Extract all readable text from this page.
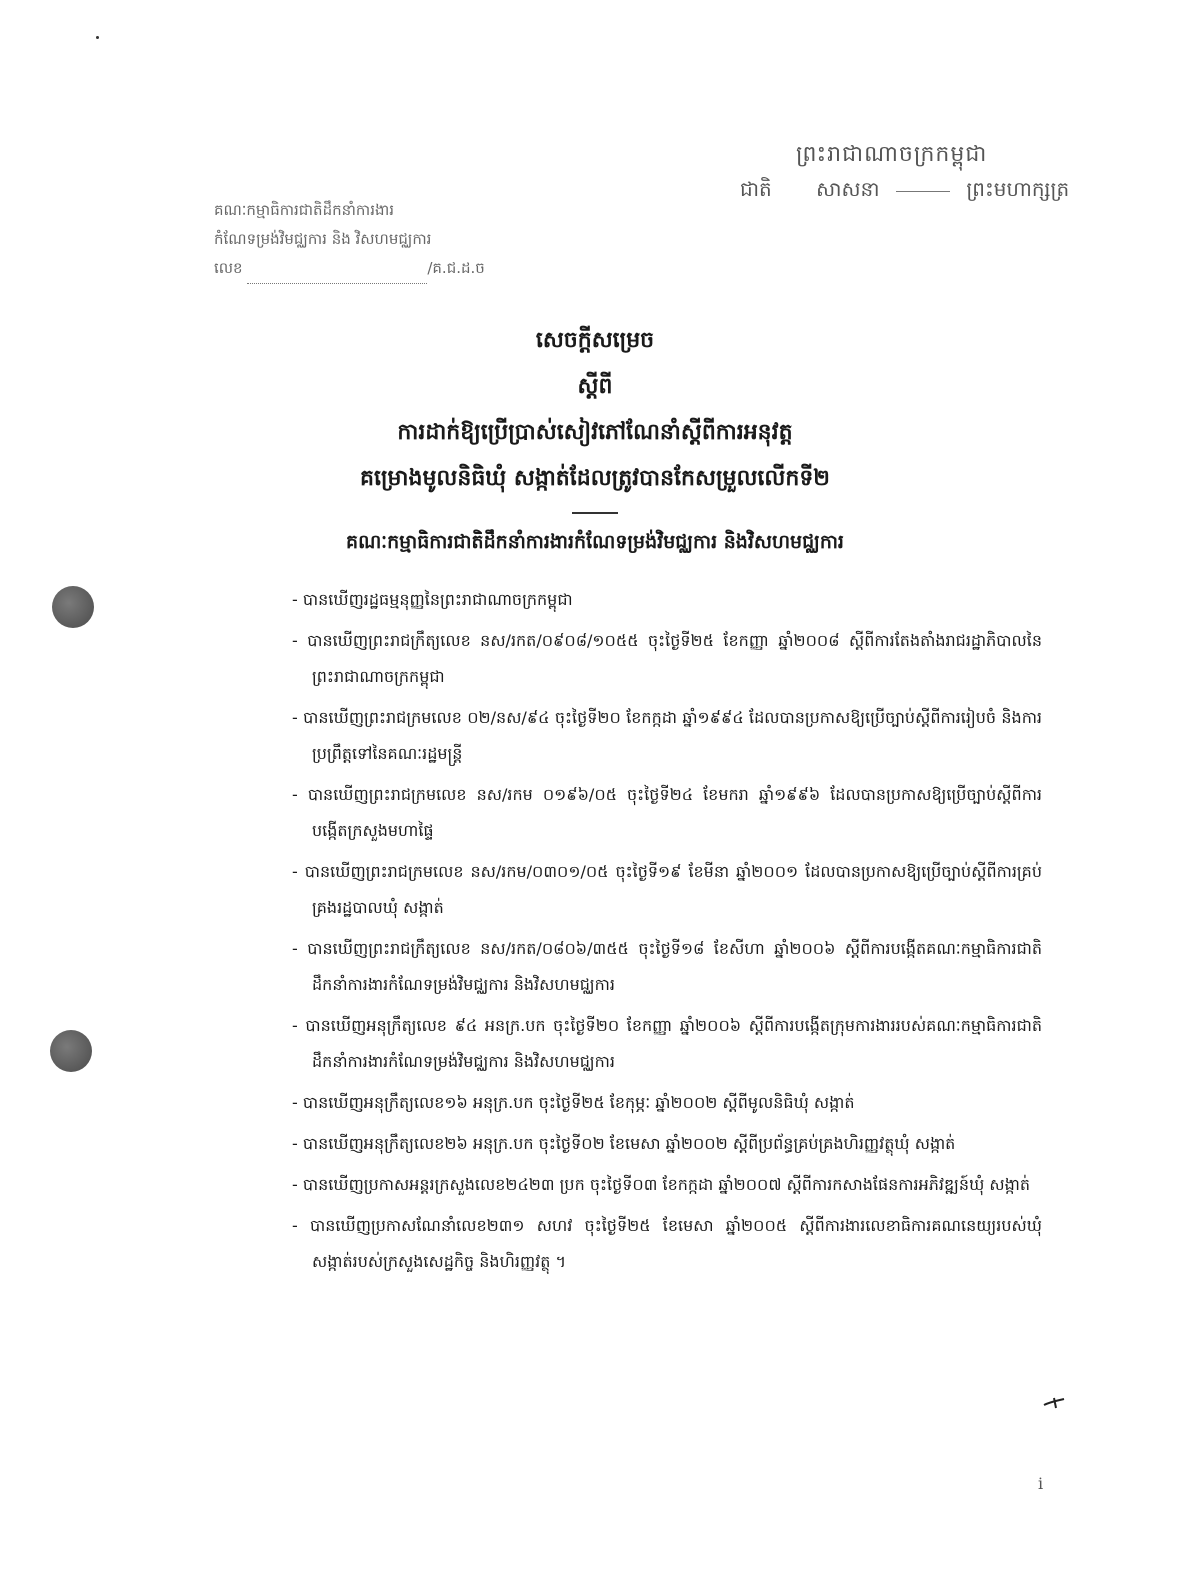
ព្រះរាជាណាចក្រកម្ពុជា
ជាតិ សាសនា	ព្រះមហាក្សត្រ
គណៈកម្មាធិការជាតិដឹកនាំការងារ
កំណែទម្រង់វិមជ្ឈការ និង វិសហមជ្ឈការ
លេខ	/គ.ជ.ដ.ច
សេចក្ដីសម្រេច
ស្ដីពី
ការដាក់ឱ្យប្រើប្រាស់សៀវភៅណែនាំស្ដីពីការអនុវត្ត
គម្រោងមូលនិធិឃុំ សង្កាត់ដែលត្រូវបានកែសម្រួលលើកទី២
គណៈកម្មាធិការជាតិដឹកនាំការងារកំណែទម្រង់វិមជ្ឈការ និងវិសហមជ្ឈការ
- បានឃើញរដ្ឋធម្មនុញ្ញនៃព្រះរាជាណាចក្រកម្ពុជា
- បានឃើញព្រះរាជក្រឹត្យលេខ នស/រកត/០៩០៨/១០៥៥ ចុះថ្ងៃទី២៥ ខែកញ្ញា ឆ្នាំ២០០៨ ស្ដីពីការតែងតាំងរាជរដ្ឋាភិបាលនៃព្រះរាជាណាចក្រកម្ពុជា
- បានឃើញព្រះរាជក្រមលេខ ០២/នស/៩៤ ចុះថ្ងៃទី២០ ខែកក្កដា ឆ្នាំ១៩៩៤ ដែលបានប្រកាសឱ្យប្រើច្បាប់ស្ដីពីការរៀបចំ និងការប្រព្រឹត្តទៅនៃគណៈរដ្ឋមន្ត្រី
- បានឃើញព្រះរាជក្រមលេខ នស/រកម ០១៩៦/០៥ ចុះថ្ងៃទី២៤ ខែមករា ឆ្នាំ១៩៩៦ ដែលបានប្រកាសឱ្យប្រើច្បាប់ស្ដីពីការបង្កើតក្រសួងមហាផ្ទៃ
- បានឃើញព្រះរាជក្រមលេខ នស/រកម/០៣០១/០៥ ចុះថ្ងៃទី១៩ ខែមីនា ឆ្នាំ២០០១ ដែលបានប្រកាសឱ្យប្រើច្បាប់ស្ដីពីការគ្រប់គ្រងរដ្ឋបាលឃុំ សង្កាត់
- បានឃើញព្រះរាជក្រឹត្យលេខ នស/រកត/០៨០៦/៣៥៥ ចុះថ្ងៃទី១៨ ខែសីហា ឆ្នាំ២០០៦ ស្ដីពីការបង្កើតគណៈកម្មាធិការជាតិដឹកនាំការងារកំណែទម្រង់វិមជ្ឈការ និងវិសហមជ្ឈការ
- បានឃើញអនុក្រឹត្យលេខ ៩៤ អនក្រ.បក ចុះថ្ងៃទី២០ ខែកញ្ញា ឆ្នាំ២០០៦ ស្ដីពីការបង្កើតក្រុមការងាររបស់គណៈកម្មាធិការជាតិដឹកនាំការងារកំណែទម្រង់វិមជ្ឈការ និងវិសហមជ្ឈការ
- បានឃើញអនុក្រឹត្យលេខ១៦ អនុក្រ.បក ចុះថ្ងៃទី២៥ ខែកុម្ភៈ ឆ្នាំ២០០២ ស្ដីពីមូលនិធិឃុំ សង្កាត់
- បានឃើញអនុក្រឹត្យលេខ២៦ អនុក្រ.បក ចុះថ្ងៃទី០២ ខែមេសា ឆ្នាំ២០០២ ស្ដីពីប្រព័ន្ធគ្រប់គ្រងហិរញ្ញវត្ថុឃុំ សង្កាត់
- បានឃើញប្រកាសអន្តរក្រសួងលេខ២៤២៣ ប្រក ចុះថ្ងៃទី០៣ ខែកក្កដា ឆ្នាំ២០០៧ ស្ដីពីការកសាងផែនការអភិវឌ្ឍន៍ឃុំ សង្កាត់
- បានឃើញប្រកាសណែនាំលេខ២៣១ សហវ ចុះថ្ងៃទី២៥ ខែមេសា ឆ្នាំ២០០៥ ស្ដីពីការងារលេខាធិការគណនេយ្យរបស់ឃុំ សង្កាត់របស់ក្រសួងសេដ្ឋកិច្ច និងហិរញ្ញវត្ថុ ។
i
